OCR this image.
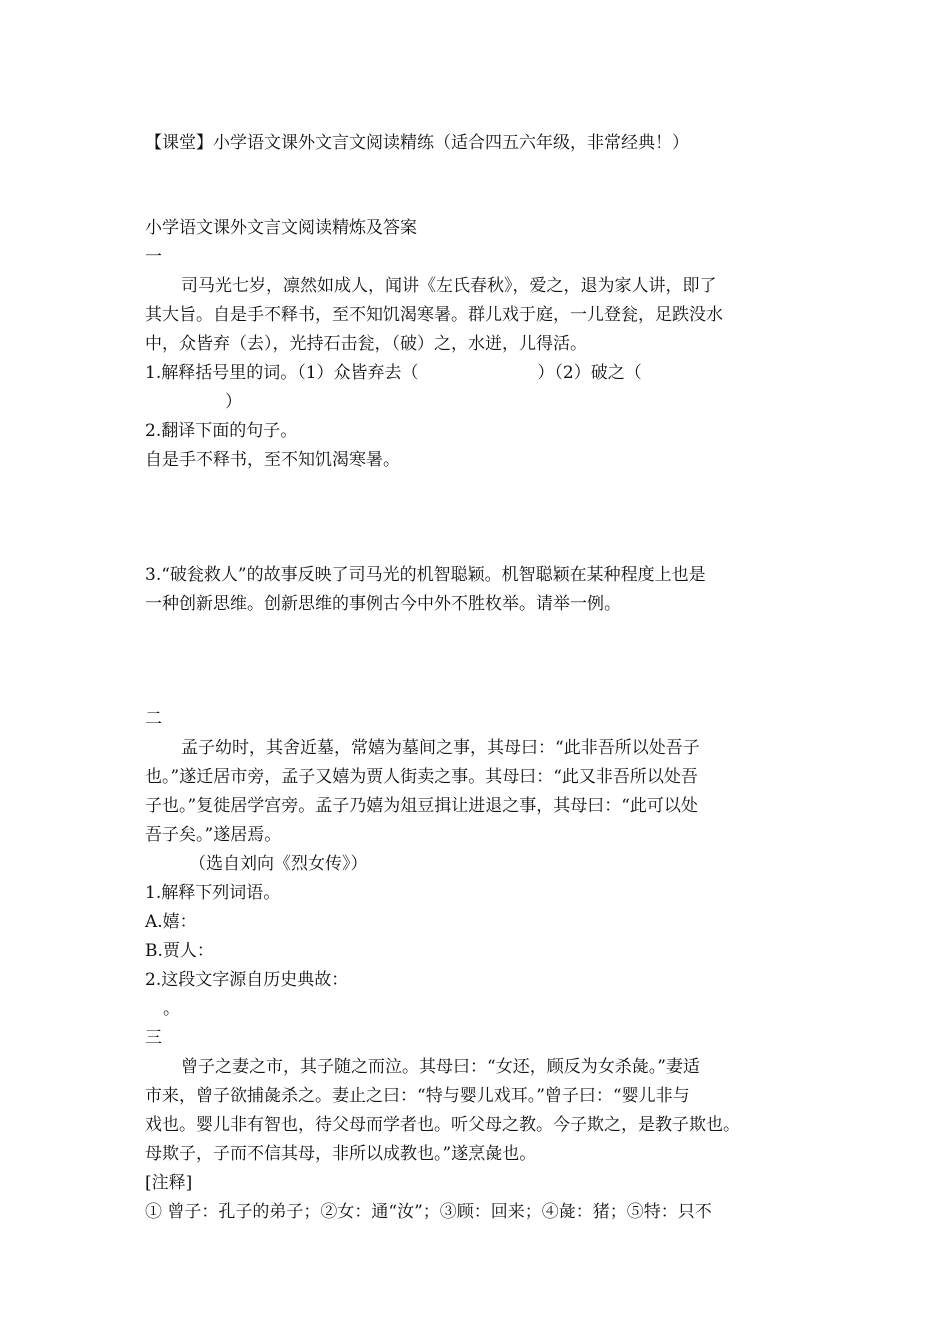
【课堂】小学语文课外文言文阅读精练（适合四五六年级，非常经典！）
小学语文课外文言文阅读精炼及答案
一
司马光七岁，凛然如成人，闻讲《左氏春秋》，爱之，退为家人讲，即了
其大旨。自是手不释书，至不知饥渴寒暑。群儿戏于庭，一儿登瓮，足跌没水
中，众皆弃（去），光持石击瓮，（破）之，水迸，儿得活。
1.解释括号里的词。（1）众皆弃去（                      ）（2）破之（
）
2.翻译下面的句子。
自是手不释书，至不知饥渴寒暑。
3.“破瓮救人”的故事反映了司马光的机智聪颖。机智聪颖在某种程度上也是
一种创新思维。创新思维的事例古今中外不胜枚举。请举一例。
二
孟子幼时，其舍近墓，常嬉为墓间之事，其母曰：“此非吾所以处吾子
也。”遂迁居市旁，孟子又嬉为贾人街卖之事。其母曰：“此又非吾所以处吾
子也。”复徙居学宫旁。孟子乃嬉为俎豆揖让进退之事，其母曰：“此可以处
吾子矣。”遂居焉。
（选自刘向《烈女传》）
1.解释下列词语。
A.嬉：
B.贾人：
2.这段文字源自历史典故：
。
三
曾子之妻之市，其子随之而泣。其母曰：“女还，顾反为女杀彘。”妻适
市来，曾子欲捕彘杀之。妻止之曰：“特与婴儿戏耳。”曾子曰：“婴儿非与
戏也。婴儿非有智也，待父母而学者也。听父母之教。今子欺之，是教子欺也。
母欺子，子而不信其母，非所以成教也。”遂烹彘也。
[注释]
① 曾子：孔子的弟子；②女：通“汝”；③顾：回来；④彘：猪；⑤特：只不
